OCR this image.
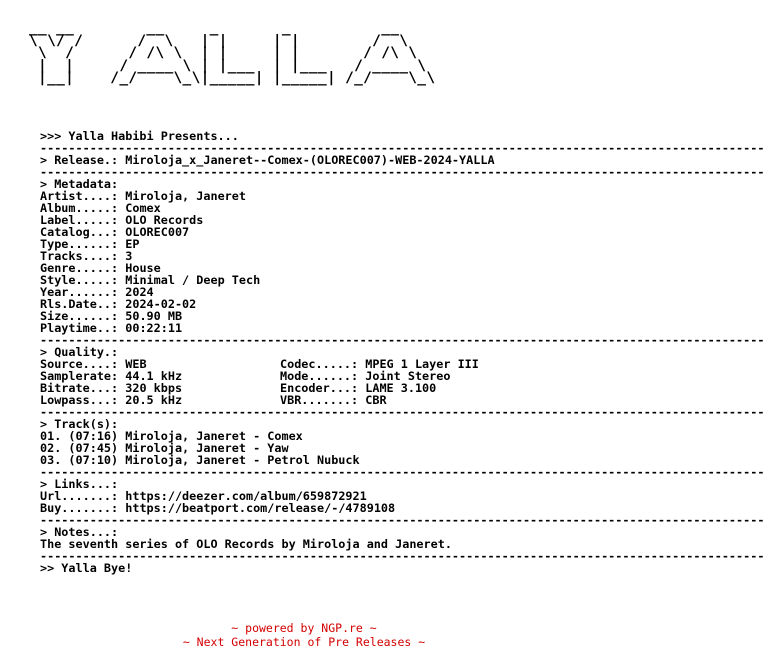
__ __        __     _       _          __
\ \/ /      /  \   | |     | |        /  \
\  /      / /\ \  | |     | |       / /\ \
|  |     / ____ \ | |___  | |___   / ____ \
|__|    /_/    \_\|_____| |_____| /_/    \_\
>>> Yalla Habibi Presents...
------------------------------------------------------------------------------------------------------
> Release.: Miroloja_x_Janeret--Comex-(OLOREC007)-WEB-2024-YALLA
------------------------------------------------------------------------------------------------------
> Metadata:
Artist....: Miroloja, Janeret
Album.....: Comex
Label.....: OLO Records
Catalog...: OLOREC007
Type......: EP
Tracks....: 3
Genre.....: House
Style.....: Minimal / Deep Tech
Year......: 2024
Rls.Date..: 2024-02-02
Size......: 50.90 MB
Playtime..: 00:22:11
------------------------------------------------------------------------------------------------------
> Quality.:
Source....: WEB	Codec.....: MPEG 1 Layer III
Samplerate: 44.1 kHz	Mode......: Joint Stereo
Bitrate...: 320 kbps	Encoder...: LAME 3.100
Lowpass...: 20.5 kHz	VBR.......: CBR
------------------------------------------------------------------------------------------------------
> Track(s):
01. (07:16) Miroloja, Janeret - Comex
02. (07:45) Miroloja, Janeret - Yaw
03. (07:10) Miroloja, Janeret - Petrol Nubuck
------------------------------------------------------------------------------------------------------
> Links...:
Url.......: https://deezer.com/album/659872921
Buy.......: https://beatport.com/release/-/4789108
------------------------------------------------------------------------------------------------------
> Notes...:
The seventh series of OLO Records by Miroloja and Janeret.
------------------------------------------------------------------------------------------------------
>> Yalla Bye!
~ powered by NGP.re ~
~ Next Generation of Pre Releases ~
